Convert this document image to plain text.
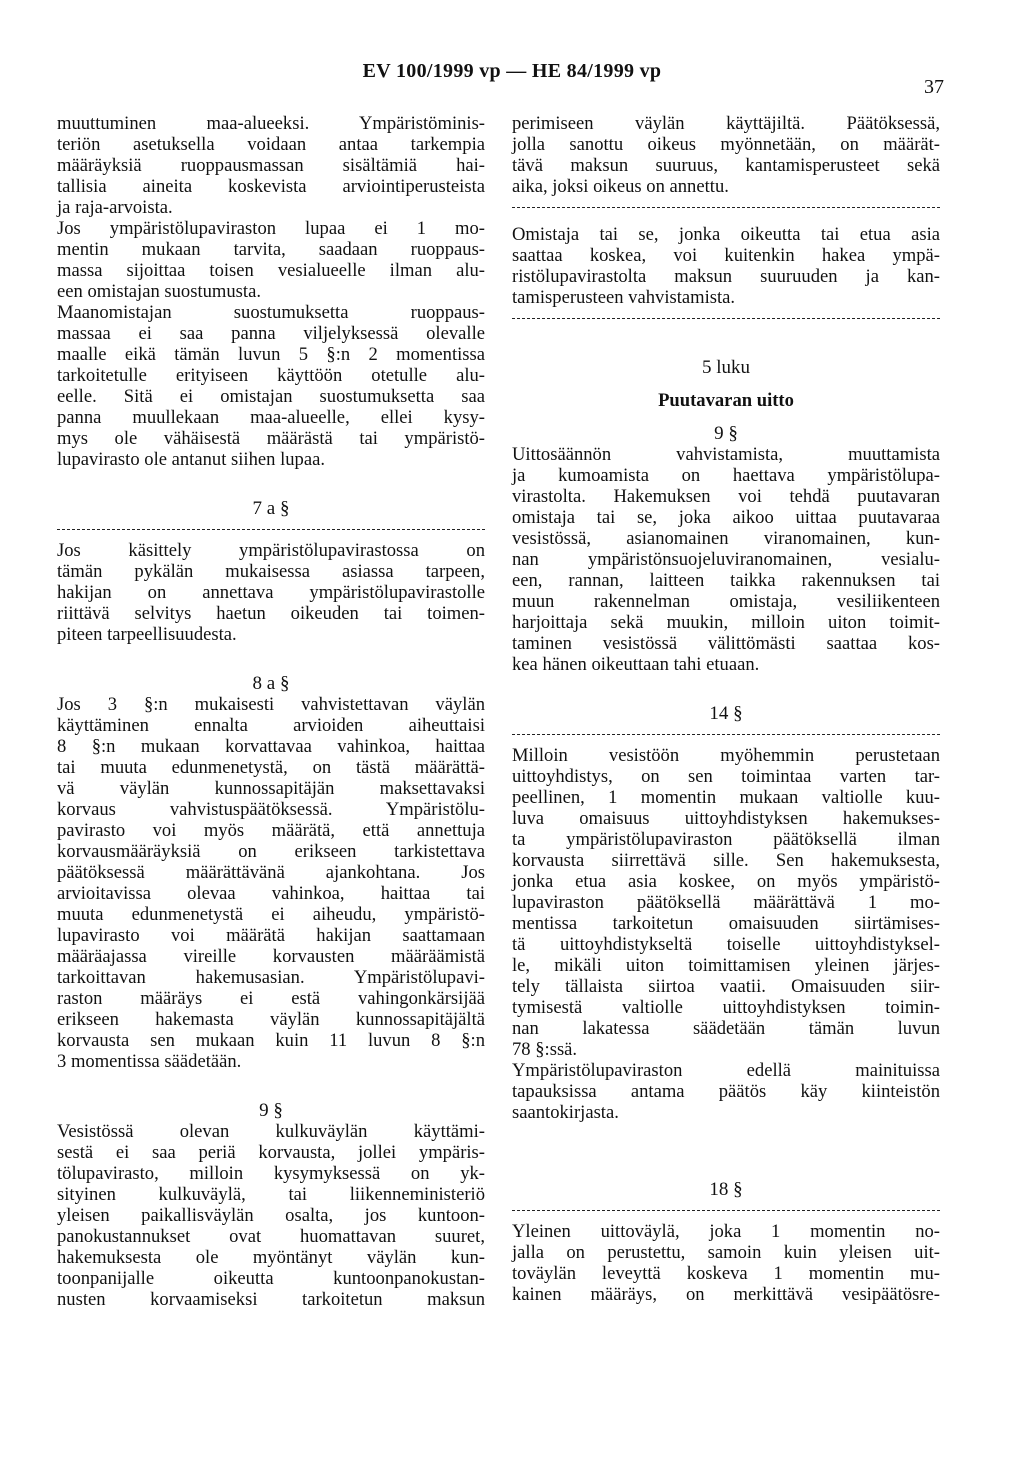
EV 100/1999 vp — HE 84/1999 vp
37
muuttuminen maa-alueeksi. Ympäristöminis-
teriön asetuksella voidaan antaa tarkempia
määräyksiä ruoppausmassan sisältämiä hai-
tallisia aineita koskevista arviointiperusteista
ja raja-arvoista.
Jos ympäristölupaviraston lupaa ei 1 mo-
mentin mukaan tarvita, saadaan ruoppaus-
massa sijoittaa toisen vesialueelle ilman alu-
een omistajan suostumusta.
Maanomistajan suostumuksetta ruoppaus-
massaa ei saa panna viljelyksessä olevalle
maalle eikä tämän luvun 5 §:n 2 momentissa
tarkoitetulle erityiseen käyttöön otetulle alu-
eelle. Sitä ei omistajan suostumuksetta saa
panna muullekaan maa-alueelle, ellei kysy-
mys ole vähäisestä määrästä tai ympäristö-
lupavirasto ole antanut siihen lupaa.
7 a §
Jos käsittely ympäristölupavirastossa on
tämän pykälän mukaisessa asiassa tarpeen,
hakijan on annettava ympäristölupavirastolle
riittävä selvitys haetun oikeuden tai toimen-
piteen tarpeellisuudesta.
8 a §
Jos 3 §:n mukaisesti vahvistettavan väylän
käyttäminen ennalta arvioiden aiheuttaisi
8 §:n mukaan korvattavaa vahinkoa, haittaa
tai muuta edunmenetystä, on tästä määrättä-
vä väylän kunnossapitäjän maksettavaksi
korvaus vahvistuspäätöksessä. Ympäristölu-
pavirasto voi myös määrätä, että annettuja
korvausmääräyksiä on erikseen tarkistettava
päätöksessä määrättävänä ajankohtana. Jos
arvioitavissa olevaa vahinkoa, haittaa tai
muuta edunmenetystä ei aiheudu, ympäristö-
lupavirasto voi määrätä hakijan saattamaan
määräajassa vireille korvausten määräämistä
tarkoittavan hakemusasian. Ympäristölupavi-
raston määräys ei estä vahingonkärsijää
erikseen hakemasta väylän kunnossapitäjältä
korvausta sen mukaan kuin 11 luvun 8 §:n
3 momentissa säädetään.
9 §
Vesistössä olevan kulkuväylän käyttämi-
sestä ei saa periä korvausta, jollei ympäris-
tölupavirasto, milloin kysymyksessä on yk-
sityinen kulkuväylä, tai liikenneministeriö
yleisen paikallisväylän osalta, jos kuntoon-
panokustannukset ovat huomattavan suuret,
hakemuksesta ole myöntänyt väylän kun-
toonpanijalle oikeutta kuntoonpanokustan-
nusten korvaamiseksi tarkoitetun maksun
perimiseen väylän käyttäjiltä. Päätöksessä,
jolla sanottu oikeus myönnetään, on määrät-
tävä maksun suuruus, kantamisperusteet sekä
aika, joksi oikeus on annettu.
Omistaja tai se, jonka oikeutta tai etua asia
saattaa koskea, voi kuitenkin hakea ympä-
ristölupavirastolta maksun suuruuden ja kan-
tamisperusteen vahvistamista.
5 luku
Puutavaran uitto
9 §
Uittosäännön vahvistamista, muuttamista
ja kumoamista on haettava ympäristölupa-
virastolta. Hakemuksen voi tehdä puutavaran
omistaja tai se, joka aikoo uittaa puutavaraa
vesistössä, asianomainen viranomainen, kun-
nan ympäristönsuojeluviranomainen, vesialu-
een, rannan, laitteen taikka rakennuksen tai
muun rakennelman omistaja, vesiliikenteen
harjoittaja sekä muukin, milloin uiton toimit-
taminen vesistössä välittömästi saattaa kos-
kea hänen oikeuttaan tahi etuaan.
14 §
Milloin vesistöön myöhemmin perustetaan
uittoyhdistys, on sen toimintaa varten tar-
peellinen, 1 momentin mukaan valtiolle kuu-
luva omaisuus uittoyhdistyksen hakemukses-
ta ympäristölupaviraston päätöksellä ilman
korvausta siirrettävä sille. Sen hakemuksesta,
jonka etua asia koskee, on myös ympäristö-
lupaviraston päätöksellä määrättävä 1 mo-
mentissa tarkoitetun omaisuuden siirtämises-
tä uittoyhdistykseltä toiselle uittoyhdistyksel-
le, mikäli uiton toimittamisen yleinen järjes-
tely tällaista siirtoa vaatii. Omaisuuden siir-
tymisestä valtiolle uittoyhdistyksen toimin-
nan lakatessa säädetään tämän luvun
78 §:ssä.
Ympäristölupaviraston edellä mainituissa
tapauksissa antama päätös käy kiinteistön
saantokirjasta.
18 §
Yleinen uittoväylä, joka 1 momentin no-
jalla on perustettu, samoin kuin yleisen uit-
toväylän leveyttä koskeva 1 momentin mu-
kainen määräys, on merkittävä vesipäätösre-
